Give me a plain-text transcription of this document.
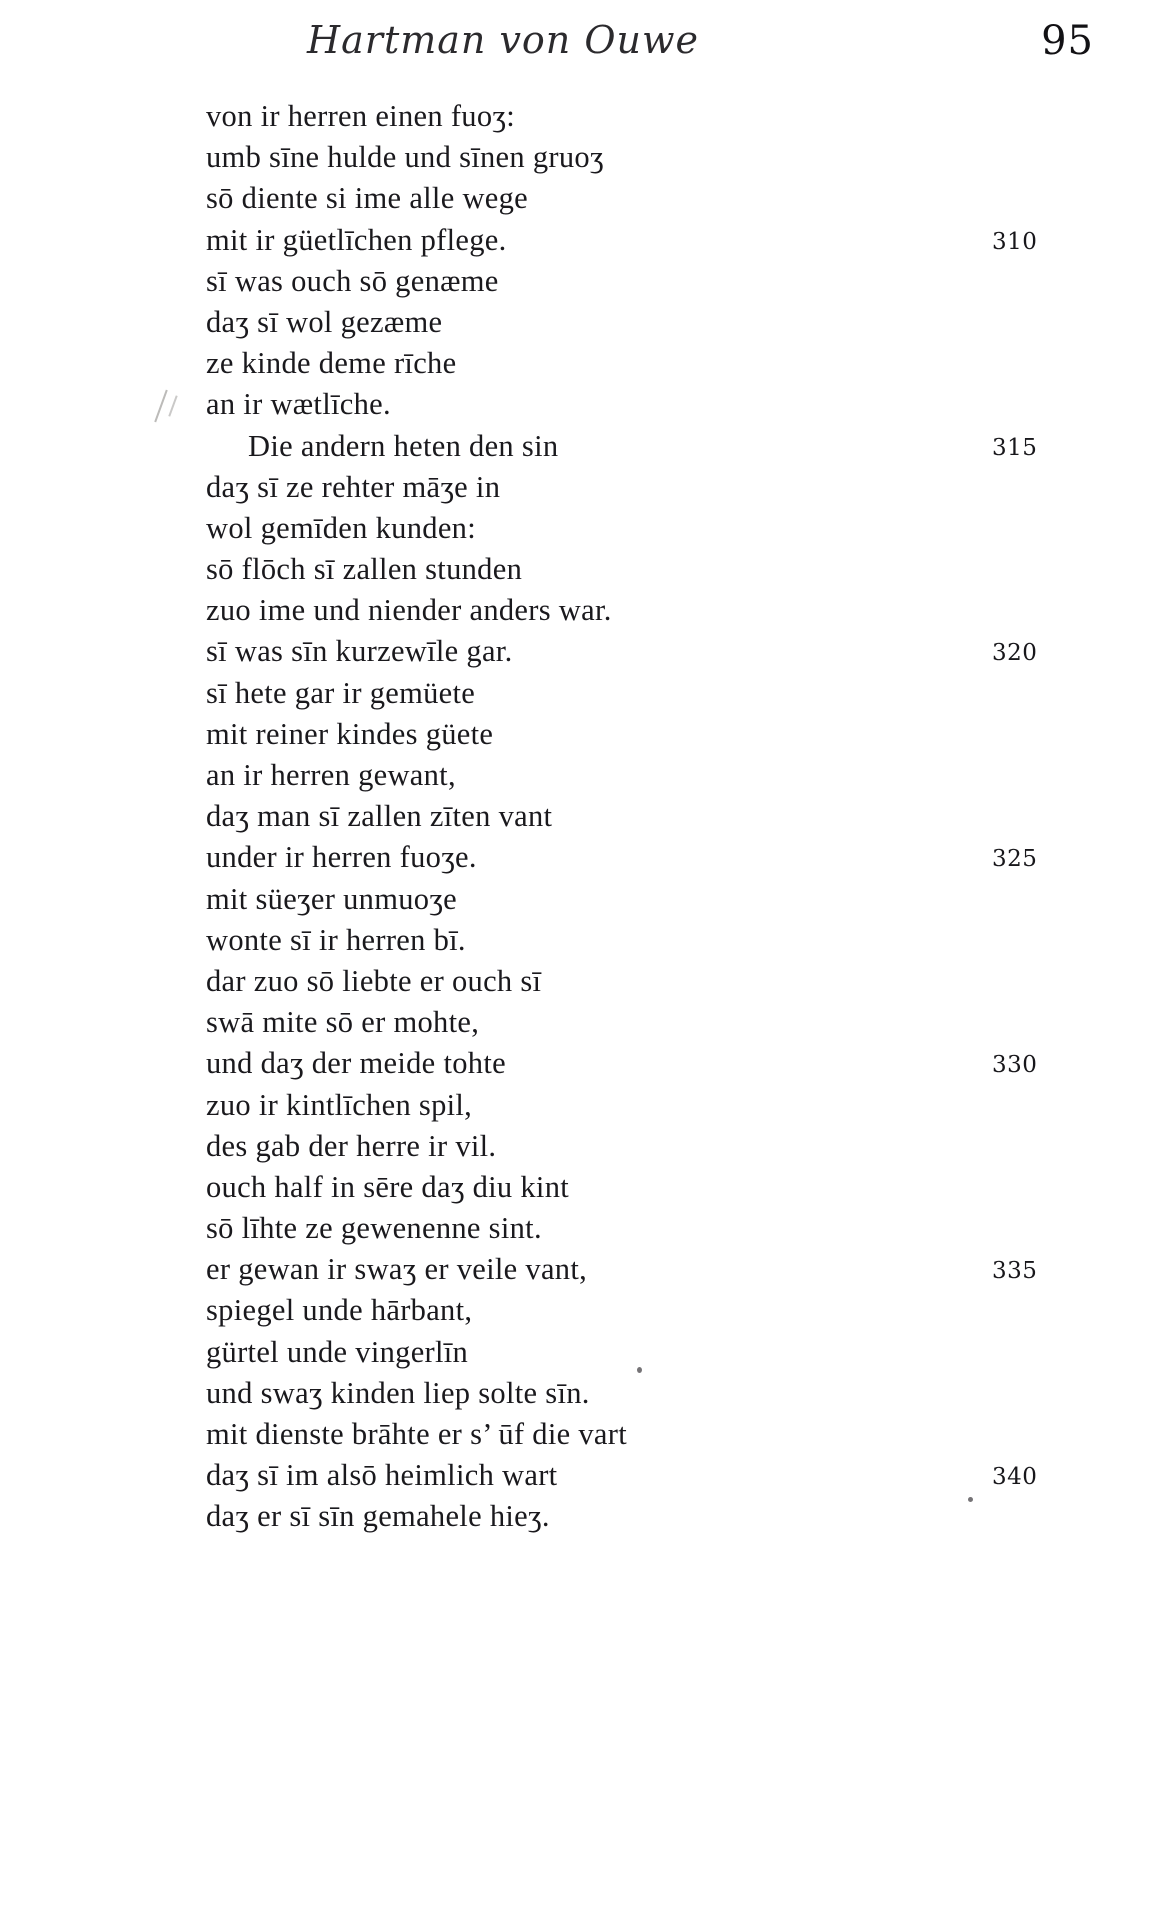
Hartman von Ouwe	95
von ir herren einen fuoʒ:
umb sīne hulde und sīnen gruoʒ
sō diente si ime alle wege
mit ir güetlīchen pflege.	310
sī was ouch sō genæme
daʒ sī wol gezæme
ze kinde deme rīche
an ir wætlīche.
Die andern heten den sin	315
daʒ sī ze rehter māʒe in
wol gemīden kunden:
sō flōch sī zallen stunden
zuo ime und niender anders war.
sī was sīn kurzewīle gar.	320
sī hete gar ir gemüete
mit reiner kindes güete
an ir herren gewant,
daʒ man sī zallen zīten vant
under ir herren fuoʒe.	325
mit süeʒer unmuoʒe
wonte sī ir herren bī.
dar zuo sō liebte er ouch sī
swā mite sō er mohte,
und daʒ der meide tohte	330
zuo ir kintlīchen spil,
des gab der herre ir vil.
ouch half in sēre daʒ diu kint
sō līhte ze gewenenne sint.
er gewan ir swaʒ er veile vant,	335
spiegel unde hārbant,
gürtel unde vingerlīn
und swaʒ kinden liep solte sīn.
mit dienste brāhte er s’ ūf die vart
daʒ sī im alsō heimlich wart	340
daʒ er sī sīn gemahele hieʒ.
